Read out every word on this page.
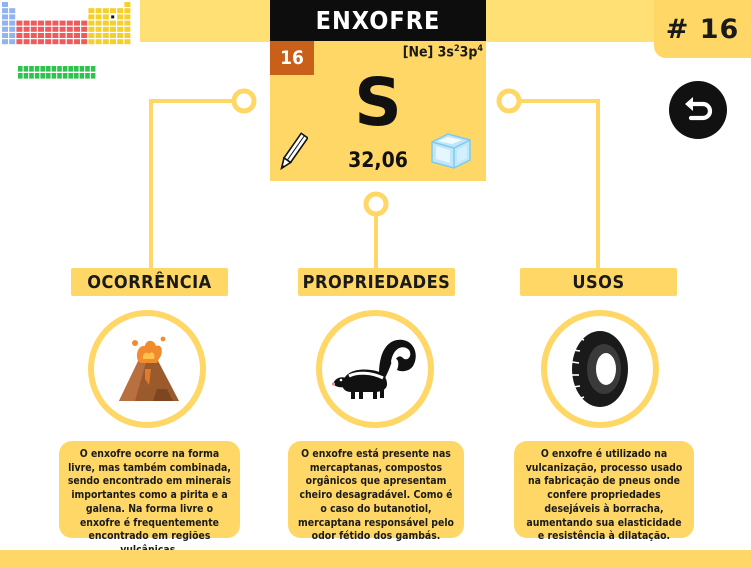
# 16
ENXOFRE
16	[Ne] $3s^23p^4$
S
32,06
OCORRÊNCIA
O enxofre ocorre na forma livre, mas também combinada, sendo encontrado em minerais importantes como a pirita e a galena. Na forma livre o enxofre é frequentemente encontrado em regiões
PROPRIEDADES
O enxofre está presente nas mercaptanas, compostos orgânicos que apresentam cheiro desagradável. Como é o caso do butanotiol, mercaptana responsável pelo odor fétido dos gambás.
USOS
O enxofre é utilizado na vulcanização, processo usado na fabricação de pneus onde confere propriedades desejáveis à borracha, aumentando sua elasticidade e resistência à dilatação.
